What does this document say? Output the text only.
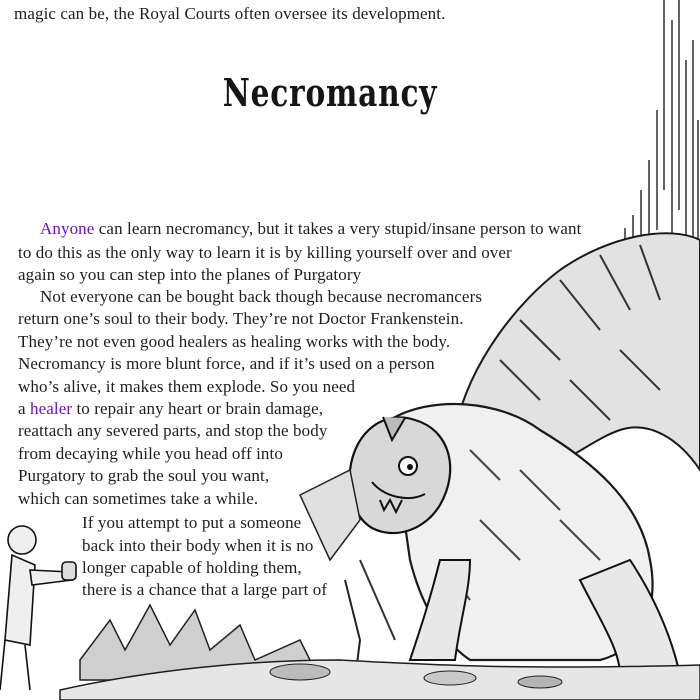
magic can be, the Royal Courts often oversee its development.
Necromancy
Anyone can learn necromancy, but it takes a very stupid/insane person to want
to do this as the only way to learn it is by killing yourself over and over
again so you can step into the planes of Purgatory
Not everyone can be bought back though because necromancers
return one’s soul to their body. They’re not Doctor Frankenstein.
They’re not even good healers as healing works with the body.
Necromancy is more blunt force, and if it’s used on a person
who’s alive, it makes them explode. So you need
a healer to repair any heart or brain damage,
reattach any severed parts, and stop the body
from decaying while you head off into
Purgatory to grab the soul you want,
which can sometimes take a while.
If you attempt to put a someone
back into their body when it is no
longer capable of holding them,
there is a chance that a large part of
